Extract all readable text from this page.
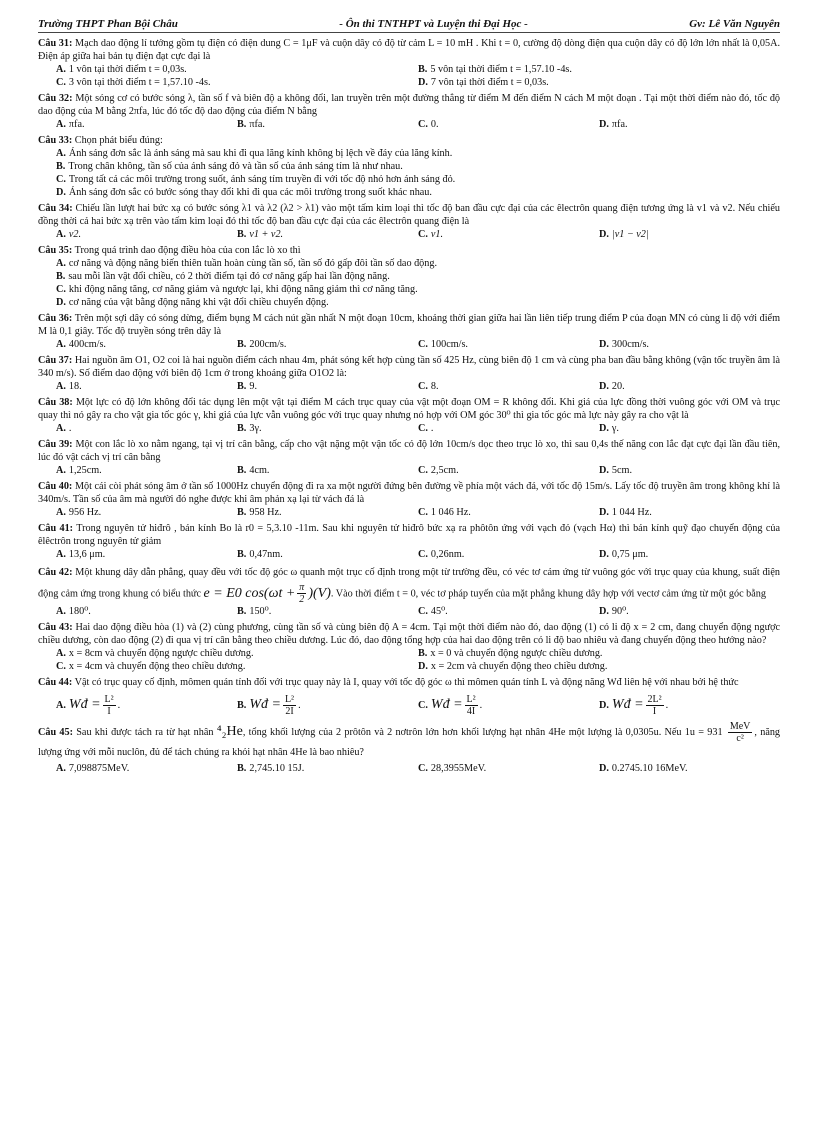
Trường THPT Phan Bội Châu	- Ôn thi TNTHPT và Luyện thi Đại Học -	Gv: Lê Văn Nguyên
Câu 31: Mạch dao động lí tưởng gồm tụ điện có điện dung C = 1μF và cuộn dây có độ từ cảm L = 10 mH . Khi t = 0, cường độ dòng điện qua cuộn dây có độ lớn lớn nhất là 0,05A. Điện áp giữa hai bản tụ điện đạt cực đại là
A. 1 vôn tại thời điểm t = 0,03s.	B. 5 vôn tại thời điểm t = 1,57.10 -4s.
C. 3 vôn tại thời điểm t = 1,57.10 -4s.	D. 7 vôn tại thời điểm t = 0,03s.
Câu 32: Một sóng cơ có bước sóng λ, tần số f và biên độ a không đổi, lan truyền trên một đường thẳng từ điểm M đến điểm N cách M một đoạn . Tại một thời điểm nào đó, tốc độ dao động của M bằng 2πfa, lúc đó tốc độ dao động của điểm N bằng
A. πfa.	B. πfa.	C. 0.	D. πfa.
Câu 33: Chọn phát biểu đúng:
A. Ánh sáng đơn sắc là ánh sáng mà sau khi đi qua lăng kính không bị lệch về đáy của lăng kính.
B. Trong chân không, tần số của ánh sáng đỏ và tần số của ánh sáng tím là như nhau.
C. Trong tất cả các môi trường trong suốt, ánh sáng tím truyền đi với tốc độ nhỏ hơn ánh sáng đỏ.
D. Ánh sáng đơn sắc có bước sóng thay đổi khi đi qua các môi trường trong suốt khác nhau.
Câu 34: Chiếu lần lượt hai bức xạ có bước sóng λ1 và λ2 (λ2 > λ1) vào một tấm kim loại thì tốc độ ban đầu cực đại của các êlectrôn quang điện tương ứng là v1 và v2. Nếu chiếu đồng thời cả hai bức xạ trên vào tấm kim loại đó thì tốc độ ban đầu cực đại của các êlectrôn quang điện là
A. v2.	B. v1 + v2.	C. v1.	D. |v1 − v2|
Câu 35: Trong quá trình dao động điều hòa của con lắc lò xo thì
A. cơ năng và động năng biến thiên tuần hoàn cùng tần số, tần số đó gấp đôi tần số dao động.
B. sau mỗi lần vật đổi chiều, có 2 thời điểm tại đó cơ năng gấp hai lần động năng.
C. khi động năng tăng, cơ năng giảm và ngược lại, khi động năng giảm thì cơ năng tăng.
D. cơ năng của vật bằng động năng khi vật đổi chiều chuyển động.
Câu 36: Trên một sợi dây có sóng dừng, điểm bụng M cách nút gần nhất N một đoạn 10cm, khoảng thời gian giữa hai lần liên tiếp trung điểm P của đoạn MN có cùng li độ với điểm M là 0,1 giây. Tốc độ truyền sóng trên dây là
A. 400cm/s.	B. 200cm/s.	C. 100cm/s.	D. 300cm/s.
Câu 37: Hai nguồn âm O1, O2 coi là hai nguồn điểm cách nhau 4m, phát sóng kết hợp cùng tần số 425 Hz, cùng biên độ 1 cm và cùng pha ban đầu bằng không (vận tốc truyền âm là 340 m/s). Số điểm dao động với biên độ 1cm ở trong khoảng giữa O1O2 là:
A. 18.	B. 9.	C. 8.	D. 20.
Câu 38: Một lực có độ lớn không đổi tác dụng lên một vật tại điểm M cách trục quay của vật một đoạn OM = R không đổi. Khi giá của lực đồng thời vuông góc với OM và trục quay thì nó gây ra cho vật gia tốc góc γ, khi giá của lực vẫn vuông góc với trục quay nhưng nó hợp với OM góc 30⁰ thì gia tốc góc mà lực này gây ra cho vật là
A. .	B. 3γ.	C. .	D. γ.
Câu 39: Một con lắc lò xo nằm ngang, tại vị trí cân bằng, cấp cho vật nặng một vận tốc có độ lớn 10cm/s dọc theo trục lò xo, thì sau 0,4s thế năng con lắc đạt cực đại lần đầu tiên, lúc đó vật cách vị trí cân bằng
A. 1,25cm.	B. 4cm.	C. 2,5cm.	D. 5cm.
Câu 40: Một cái còi phát sóng âm ở tần số 1000Hz chuyển động đi ra xa một người đứng bên đường về phía một vách đá, với tốc độ 15m/s. Lấy tốc độ truyền âm trong không khí là 340m/s. Tần số của âm mà người đó nghe được khi âm phản xạ lại từ vách đá là
A. 956 Hz.	B. 958 Hz.	C. 1 046 Hz.	D. 1 044 Hz.
Câu 41: Trong nguyên tử hiđrô , bán kính Bo là r0 = 5,3.10 -11m. Sau khi nguyên tử hiđrô bức xạ ra phôtôn ứng với vạch đỏ (vạch Hα) thì bán kính quỹ đạo chuyển động của êlêctrôn trong nguyên tử giảm
A. 13,6 μm.	B. 0,47nm.	C. 0,26nm.	D. 0,75 μm.
Câu 42: Một khung dây dẫn phẳng, quay đều với tốc độ góc ω quanh một trục cố định trong một từ trường đều, có véc tơ cảm ứng từ vuông góc với trục quay của khung, suất điện động cảm ứng trong khung có biểu thức e = E0 $\cos(\omega t + \frac{\pi}{2} )(V)$. Vào thời điểm t = 0, véc tơ pháp tuyến của mặt phẳng khung dây hợp với vectơ cảm ứng từ một góc bằng
A. 180⁰.	B. 150⁰.	C. 45⁰.	D. 90⁰.
Câu 43: Hai dao động điều hòa (1) và (2) cùng phương, cùng tần số và cùng biên độ A = 4cm. Tại một thời điểm nào đó, dao động (1) có li độ x = 2 cm, đang chuyển động ngược chiều dương, còn dao động (2) đi qua vị trí cân bằng theo chiều dương. Lúc đó, dao động tổng hợp của hai dao động trên có li độ bao nhiêu và đang chuyển động theo hướng nào?
A. x = 8cm và chuyển động ngược chiều dương.	B. x = 0 và chuyển động ngược chiều dương.
C. x = 4cm và chuyển động theo chiều dương.	D. x = 2cm và chuyển động theo chiều dương.
Câu 44: Vật có trục quay cố định, mômen quán tính đối với trục quay này là I, quay với tốc độ góc ω thì mômen quán tính L và động năng Wđ liên hệ với nhau bởi hệ thức
A. Wđ = $\frac{\text{L²}}{I}$ .	B. Wđ = $\frac{\text{L²}}{2I}$ .	C. Wđ = $\frac{\text{L²}}{4I}$ .	D. Wđ = $\frac{\text{2L²}}{I}$ .
Câu 45: Sau khi được tách ra từ hạt nhân ⁴₂He, tổng khối lượng của 2 prôtôn và 2 nơtrôn lớn hơn khối lượng hạt nhân 4He một lượng là 0,0305u. Nếu $1u = 931 \frac{\text{MeV}}{\text{c²}}$ , năng lượng ứng với mỗi nuclôn, đủ để tách chúng ra khỏi hạt nhân 4He là bao nhiêu?
A. 7,098875MeV.	B. 2,745.10 15J.	C. 28,3955MeV.	D. 0.2745.10 16MeV.
